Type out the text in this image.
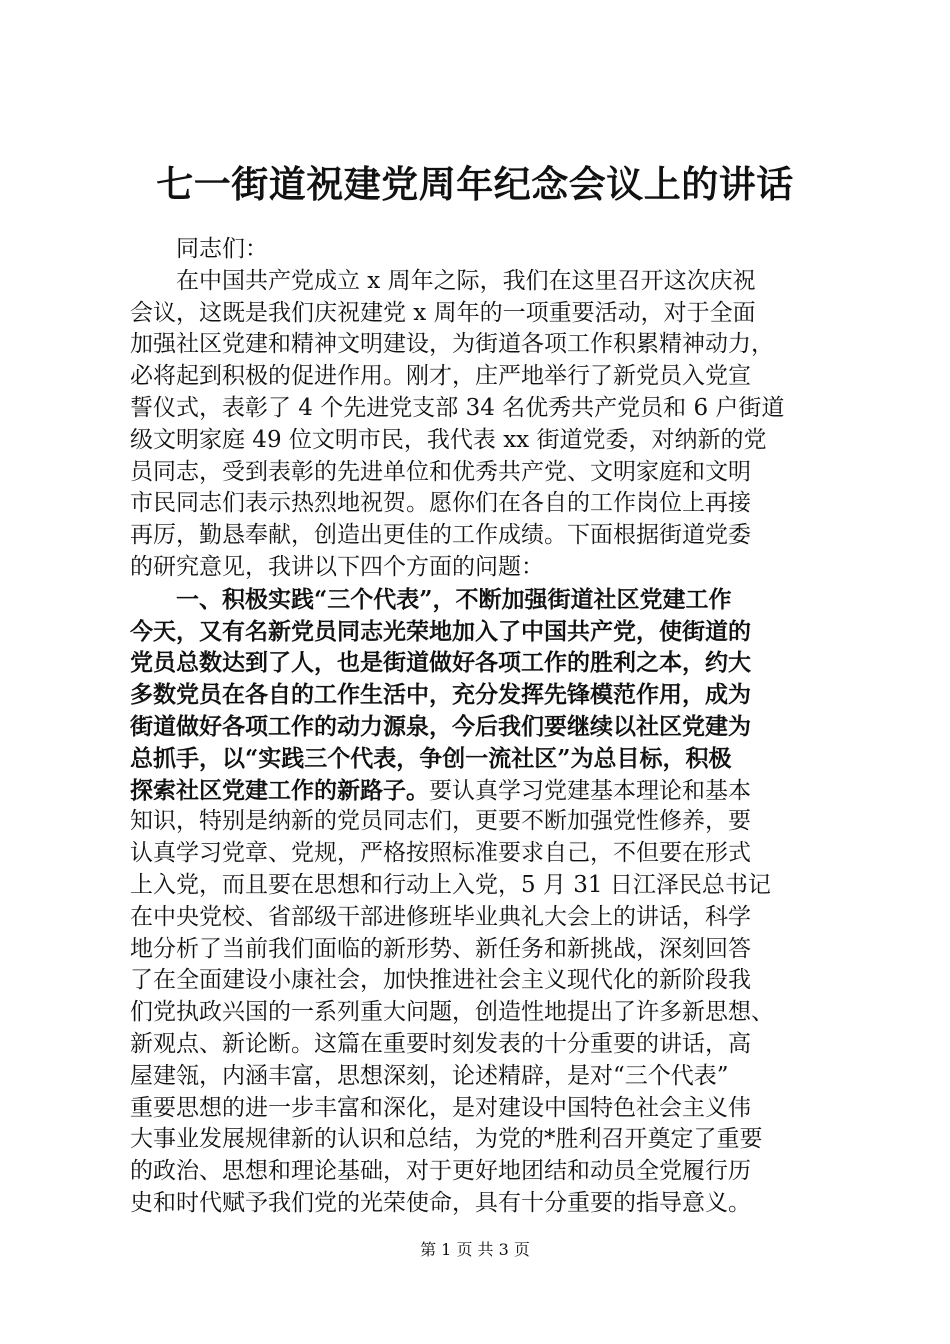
七一街道祝建党周年纪念会议上的讲话
同志们：
在中国共产党成立 x 周年之际，我们在这里召开这次庆祝
会议，这既是我们庆祝建党 x 周年的一项重要活动，对于全面
加强社区党建和精神文明建设，为街道各项工作积累精神动力，
必将起到积极的促进作用。刚才，庄严地举行了新党员入党宣
誓仪式，表彰了 4 个先进党支部 34 名优秀共产党员和 6 户街道
级文明家庭 49 位文明市民，我代表 xx 街道党委，对纳新的党
员同志，受到表彰的先进单位和优秀共产党、文明家庭和文明
市民同志们表示热烈地祝贺。愿你们在各自的工作岗位上再接
再厉，勤恳奉献，创造出更佳的工作成绩。下面根据街道党委
的研究意见，我讲以下四个方面的问题：
一、积极实践“三个代表”，不断加强街道社区党建工作
今天，又有名新党员同志光荣地加入了中国共产党，使街道的
党员总数达到了人，也是街道做好各项工作的胜利之本，约大
多数党员在各自的工作生活中，充分发挥先锋模范作用，成为
街道做好各项工作的动力源泉，今后我们要继续以社区党建为
总抓手，以“实践三个代表，争创一流社区”为总目标，积极
探索社区党建工作的新路子。要认真学习党建基本理论和基本
知识，特别是纳新的党员同志们，更要不断加强党性修养，要
认真学习党章、党规，严格按照标准要求自己，不但要在形式
上入党，而且要在思想和行动上入党，5 月 31 日江泽民总书记
在中央党校、省部级干部进修班毕业典礼大会上的讲话，科学
地分析了当前我们面临的新形势、新任务和新挑战，深刻回答
了在全面建设小康社会，加快推进社会主义现代化的新阶段我
们党执政兴国的一系列重大问题，创造性地提出了许多新思想、
新观点、新论断。这篇在重要时刻发表的十分重要的讲话，高
屋建瓴，内涵丰富，思想深刻，论述精辟，是对“三个代表”
重要思想的进一步丰富和深化，是对建设中国特色社会主义伟
大事业发展规律新的认识和总结，为党的*胜利召开奠定了重要
的政治、思想和理论基础，对于更好地团结和动员全党履行历
史和时代赋予我们党的光荣使命，具有十分重要的指导意义。
第 1 页 共 3 页
